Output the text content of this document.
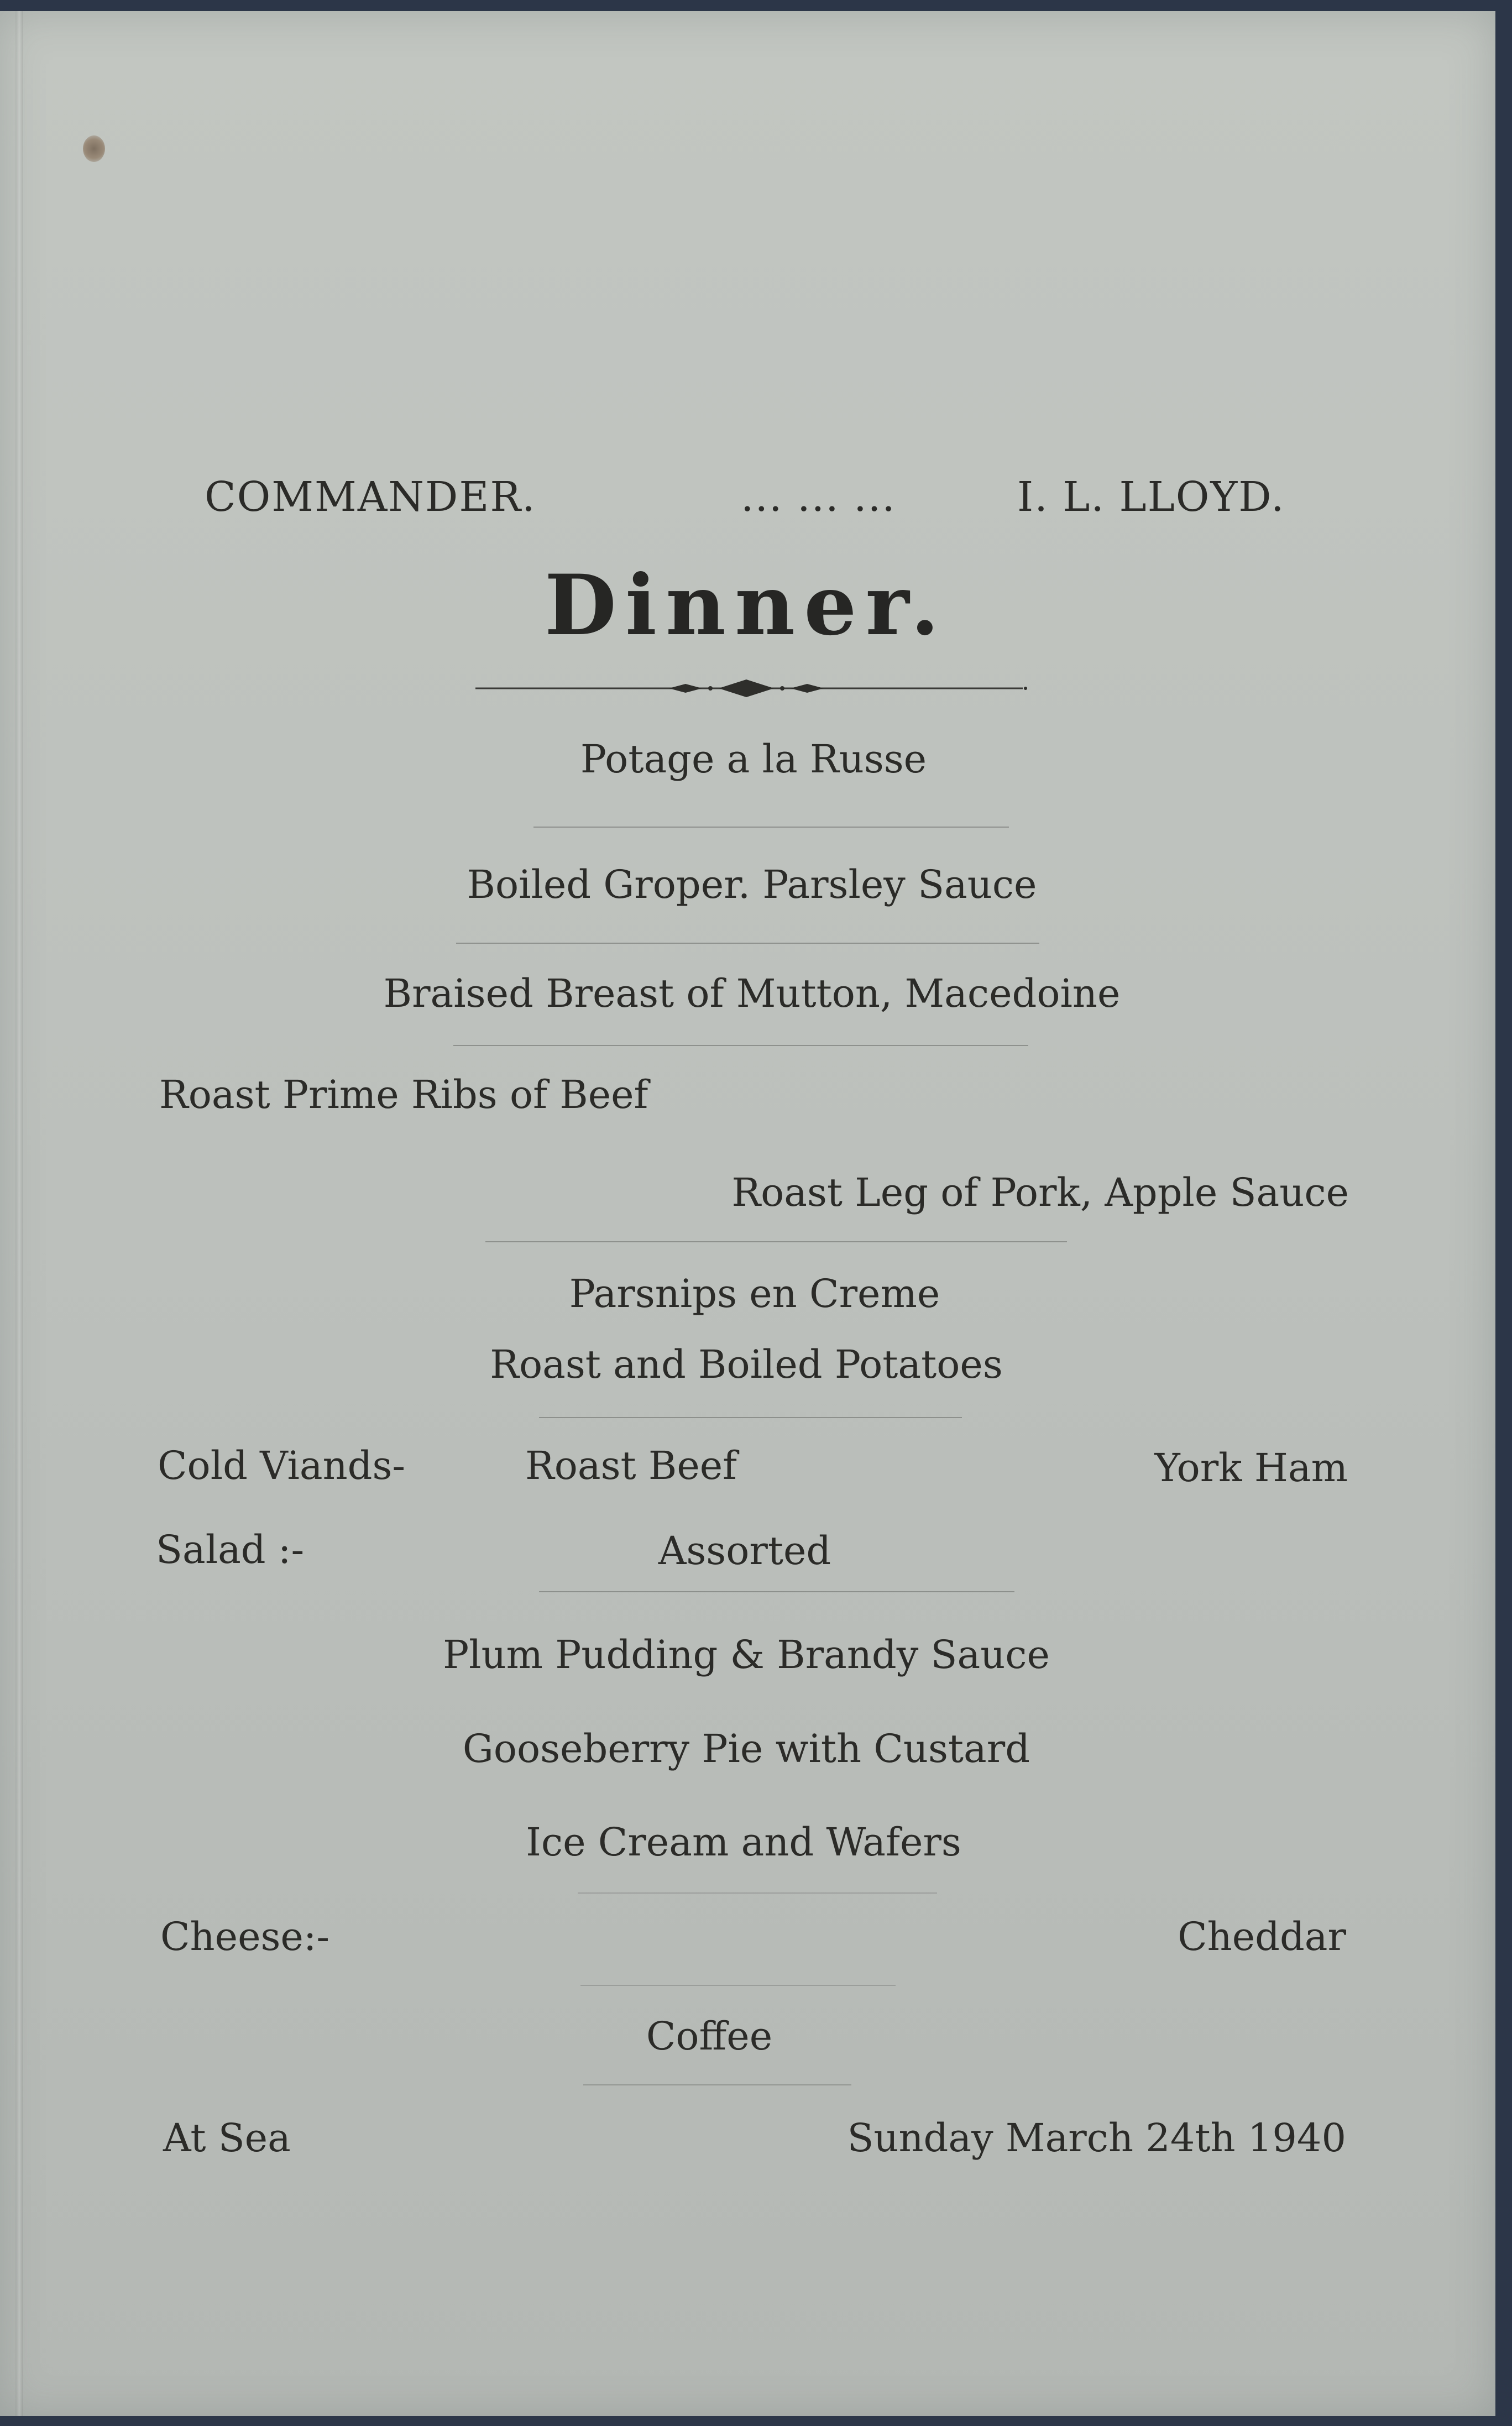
COMMANDER.	... ... ...	I. L. LLOYD.
Dinner.
Potage a la Russe
Boiled Groper. Parsley Sauce
Braised Breast of Mutton, Macedoine
Roast Prime Ribs of Beef
Roast Leg of Pork, Apple Sauce
Parsnips en Creme
Roast and Boiled Potatoes
Cold Viands-	Roast Beef	York Ham
Salad :-	Assorted
Plum Pudding & Brandy Sauce
Gooseberry Pie with Custard
Ice Cream and Wafers
Cheese:-	Cheddar
Coffee
At Sea	Sunday March 24th 1940
